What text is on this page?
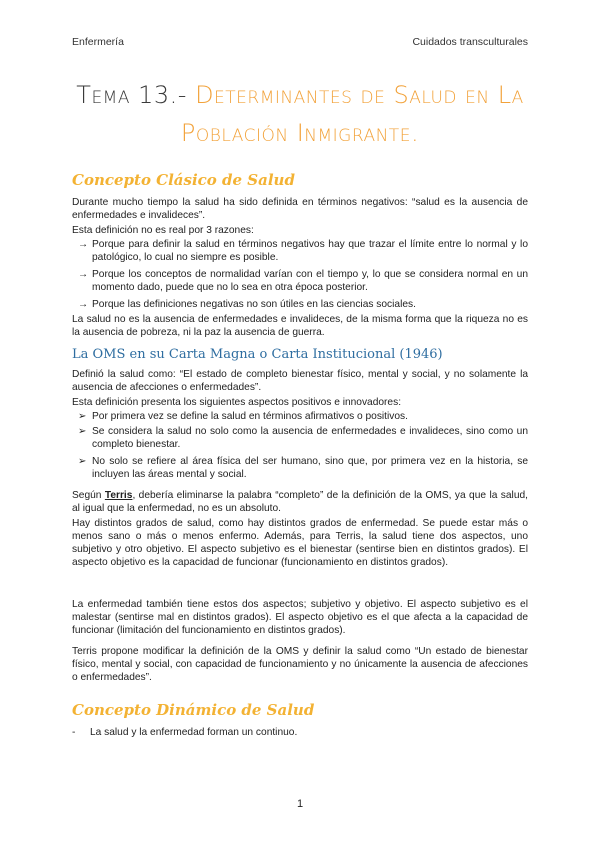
Enfermería	Cuidados transculturales
Tema 13.- Determinantes de Salud en La
Población Inmigrante.
Concepto Clásico de Salud
Durante mucho tiempo la salud ha sido definida en términos negativos: “salud es la ausencia de enfermedades e invalideces”.
Esta definición no es real por 3 razones:
→ Porque para definir la salud en términos negativos hay que trazar el límite entre lo normal y lo patológico, lo cual no siempre es posible.
→ Porque los conceptos de normalidad varían con el tiempo y, lo que se considera normal en un momento dado, puede que no lo sea en otra época posterior.
→ Porque las definiciones negativas no son útiles en las ciencias sociales.
La salud no es la ausencia de enfermedades e invalideces, de la misma forma que la riqueza no es la ausencia de pobreza, ni la paz la ausencia de guerra.
La OMS en su Carta Magna o Carta Institucional (1946)
Definió la salud como: “El estado de completo bienestar físico, mental y social, y no solamente la ausencia de afecciones o enfermedades”.
Esta definición presenta los siguientes aspectos positivos e innovadores:
➢ Por primera vez se define la salud en términos afirmativos o positivos.
➢ Se considera la salud no solo como la ausencia de enfermedades e invalideces, sino como un completo bienestar.
➢ No solo se refiere al área física del ser humano, sino que, por primera vez en la historia, se incluyen las áreas mental y social.
Según Terris, debería eliminarse la palabra “completo” de la definición de la OMS, ya que la salud, al igual que la enfermedad, no es un absoluto.
Hay distintos grados de salud, como hay distintos grados de enfermedad. Se puede estar más o menos sano o más o menos enfermo. Además, para Terris, la salud tiene dos aspectos, uno subjetivo y otro objetivo. El aspecto subjetivo es el bienestar (sentirse bien en distintos grados). El aspecto objetivo es la capacidad de funcionar (funcionamiento en distintos grados).
La enfermedad también tiene estos dos aspectos; subjetivo y objetivo. El aspecto subjetivo es el malestar (sentirse mal en distintos grados). El aspecto objetivo es el que afecta a la capacidad de funcionar (limitación del funcionamiento en distintos grados).
Terris propone modificar la definición de la OMS y definir la salud como “Un estado de bienestar físico, mental y social, con capacidad de funcionamiento y no únicamente la ausencia de afecciones o enfermedades”.
Concepto Dinámico de Salud
- La salud y la enfermedad forman un continuo.
1
